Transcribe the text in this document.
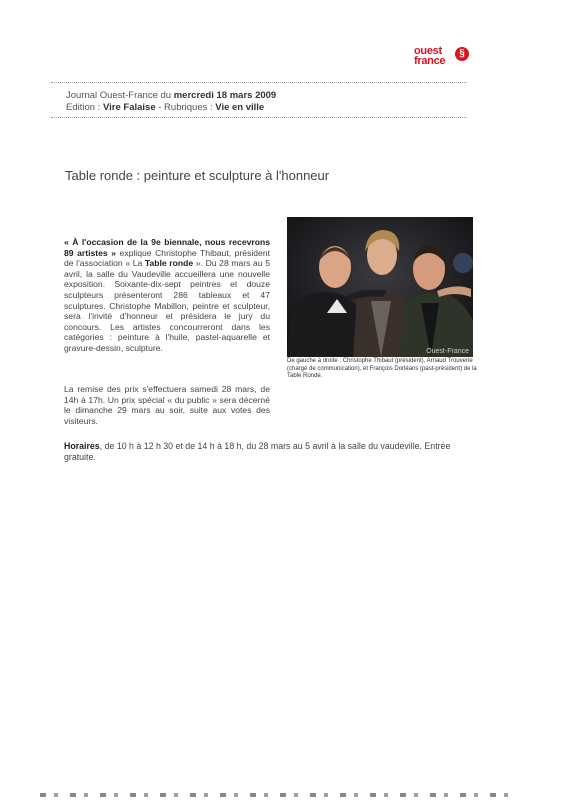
ouest
france
§
Journal Ouest-France du mercredi 18 mars 2009
Edition : Vire Falaise - Rubriques : Vie en ville
Table ronde : peinture et sculpture à l'honneur
« À l'occasion de la 9e biennale, nous recevrons 89 artistes » explique Christophe Thibaut, président de l'association « La Table ronde ». Du 28 mars au 5 avril, la salle du Vaudeville accueillera une nouvelle exposition. Soixante-dix-sept peintres et douze sculpteurs présenteront 286 tableaux et 47 sculptures. Christophe Mabillon, peintre et sculpteur, sera l'invité d'honneur et présidera le jury du concours. Les artistes concourreront dans les catégories : peinture à l'huile, pastel-aquarelle et gravure-dessin, sculpture.
La remise des prix s'effectuera samedi 28 mars, de 14h à 17h. Un prix spécial « du public » sera décerné le dimanche 29 mars au soir, suite aux votes des visiteurs.
Ouest-France
De gauche à droite : Christophe Thibaut (président), Arnaud Trouverie (chargé de communication), et François Dorléans (past-président) de la Table Ronde.
Horaires, de 10 h à 12 h 30 et de 14 h à 18 h, du 28 mars au 5 avril à la salle du vaudeville. Entrée gratuite.
